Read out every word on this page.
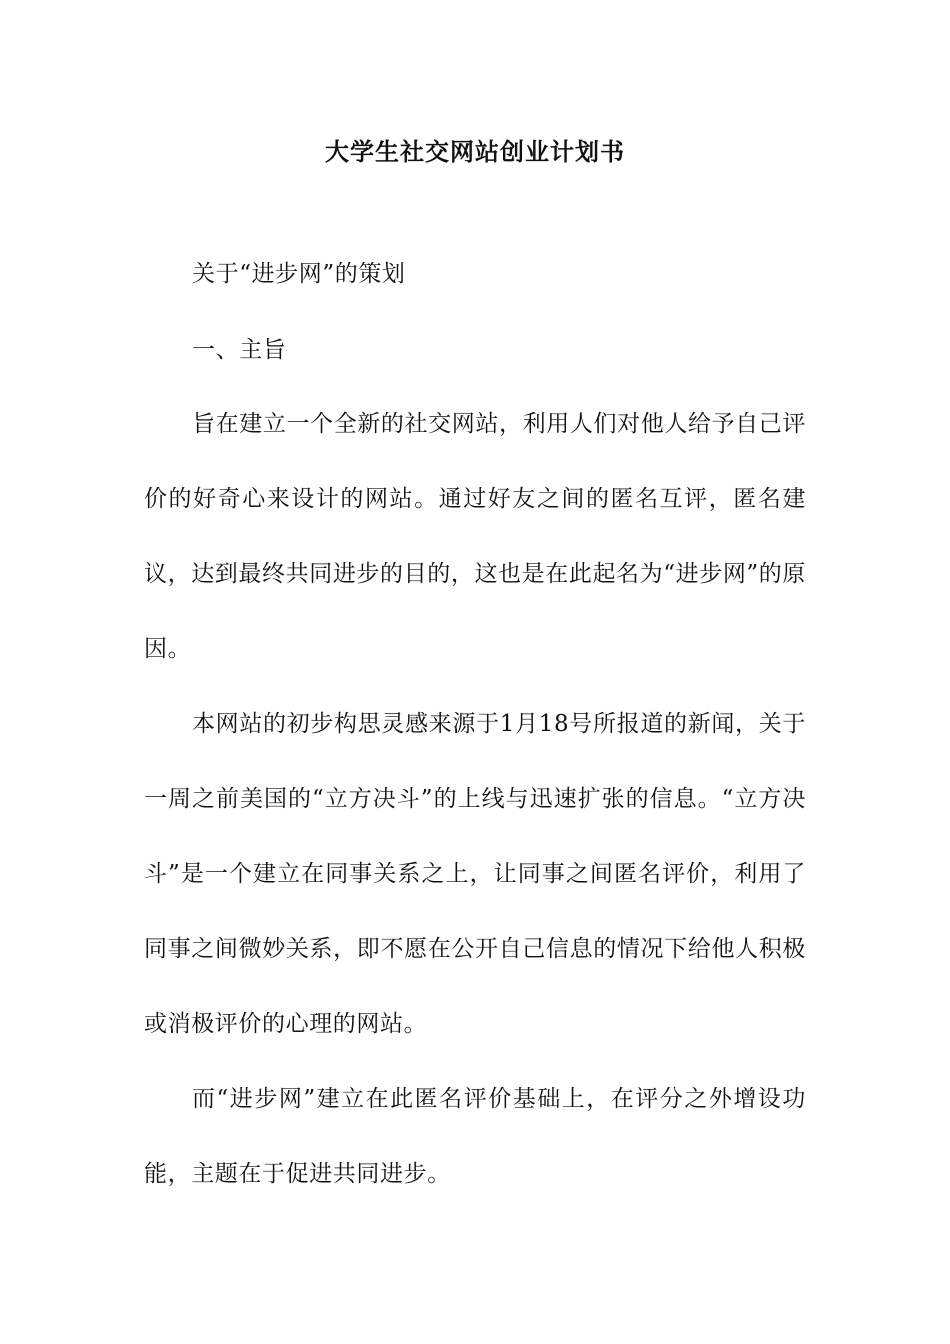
大学生社交网站创业计划书

关于“进步网”的策划

一、主旨

旨在建立一个全新的社交网站，利用人们对他人给予自己评价的好奇心来设计的网站。通过好友之间的匿名互评，匿名建议，达到最终共同进步的目的，这也是在此起名为“进步网”的原因。

本网站的初步构思灵感来源于1月18号所报道的新闻，关于一周之前美国的“立方决斗”的上线与迅速扩张的信息。“立方决斗”是一个建立在同事关系之上，让同事之间匿名评价，利用了同事之间微妙关系，即不愿在公开自己信息的情况下给他人积极或消极评价的心理的网站。

而“进步网”建立在此匿名评价基础上，在评分之外增设功能，主题在于促进共同进步。
